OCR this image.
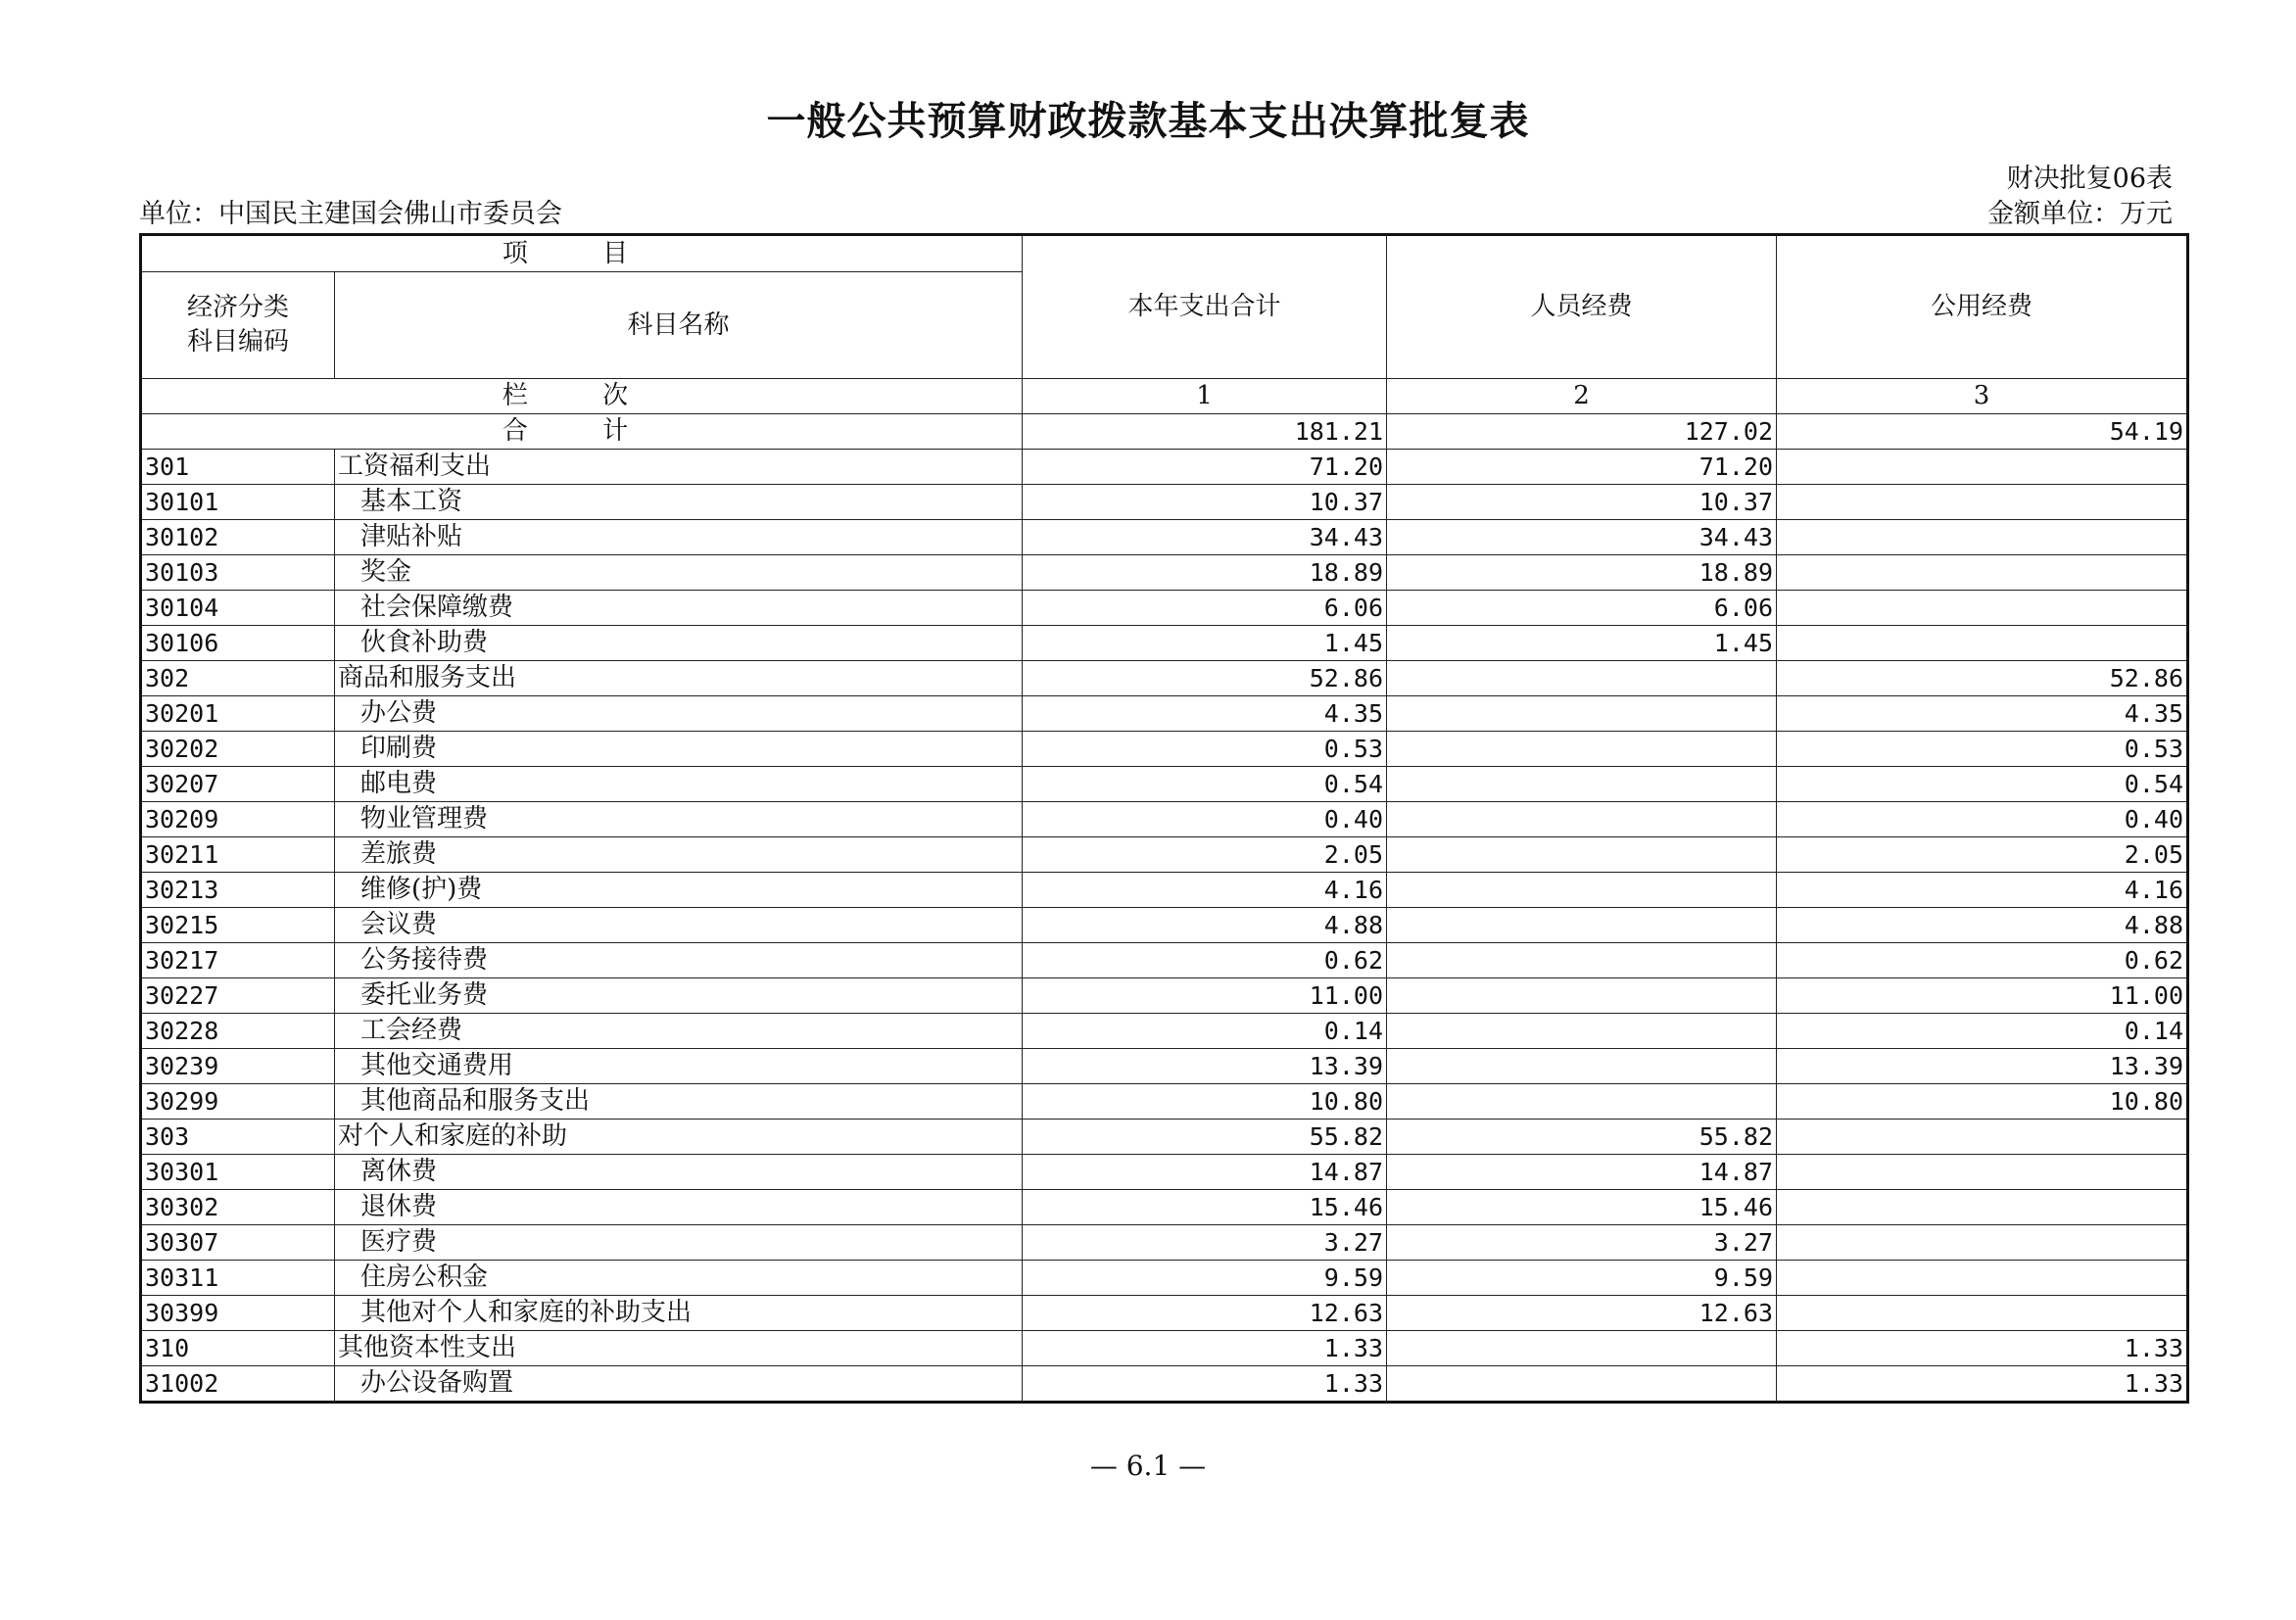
一般公共预算财政拨款基本支出决算批复表
财决批复06表
单位：中国民主建国会佛山市委员会	金额单位：万元
项 目		本年支出合计	人员经费	公用经费

经济分类
科目编码	科目名称			
栏 次		1	2	3
合 计		181.21	127.02	54.19
301	工资福利支出	71.20	71.20	
30101	基本工资	10.37	10.37	
30102	津贴补贴	34.43	34.43	
30103	奖金	18.89	18.89	
30104	社会保障缴费	6.06	6.06	
30106	伙食补助费	1.45	1.45	
302	商品和服务支出	52.86		52.86
30201	办公费	4.35		4.35
30202	印刷费	0.53		0.53
30207	邮电费	0.54		0.54
30209	物业管理费	0.40		0.40
30211	差旅费	2.05		2.05
30213	维修(护)费	4.16		4.16
30215	会议费	4.88		4.88
30217	公务接待费	0.62		0.62
30227	委托业务费	11.00		11.00
30228	工会经费	0.14		0.14
30239	其他交通费用	13.39		13.39
30299	其他商品和服务支出	10.80		10.80
303	对个人和家庭的补助	55.82	55.82	
30301	离休费	14.87	14.87	
30302	退休费	15.46	15.46	
30307	医疗费	3.27	3.27	
30311	住房公积金	9.59	9.59	
30399	其他对个人和家庭的补助支出	12.63	12.63	
310	其他资本性支出	1.33		1.33
31002	办公设备购置	1.33		1.33
— 6.1 —
